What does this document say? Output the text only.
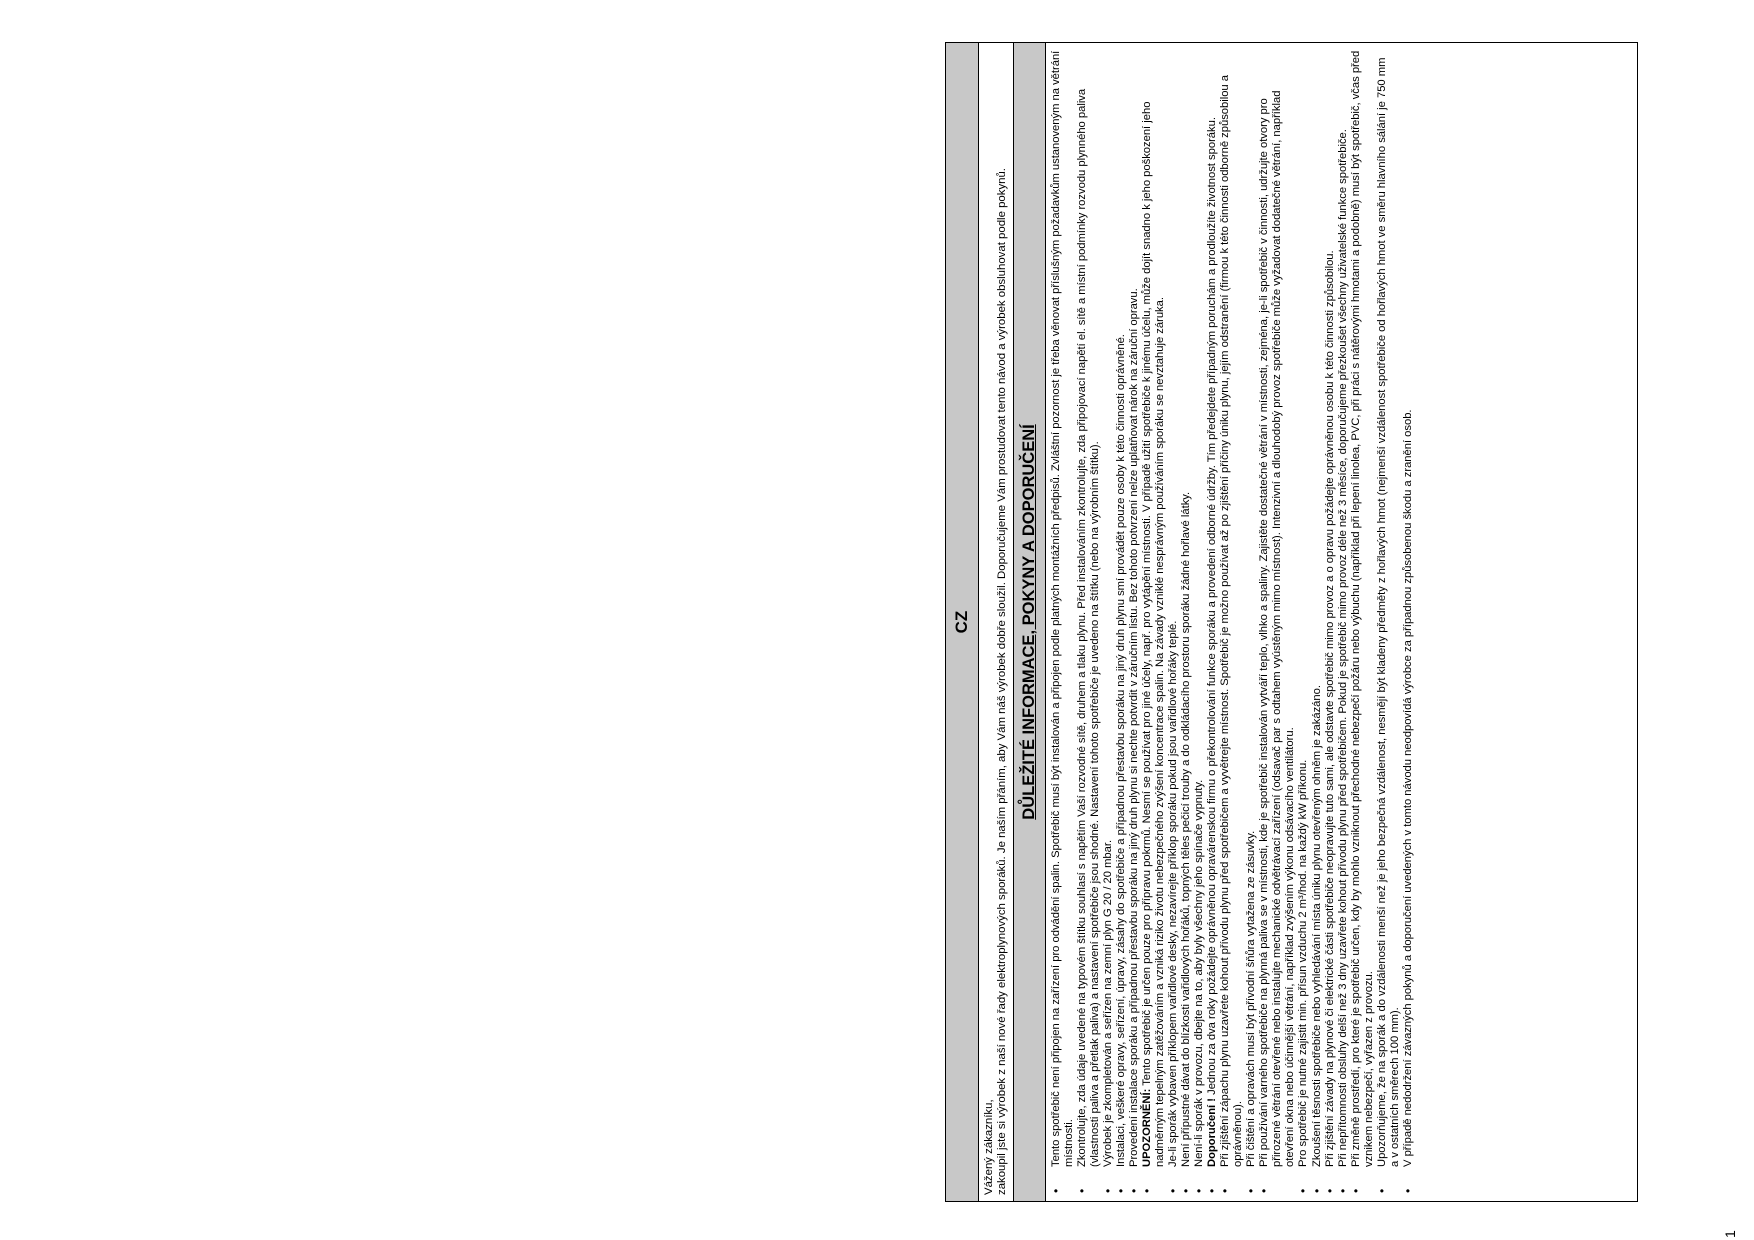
CZ
Vážený zákazníku, zakoupil jste si výrobek z naší nové řady elektroplynových sporáků. Je naším přáním, aby Vám náš výrobek dobře sloužil. Doporučujeme Vám prostudovat tento návod a výrobek obsluhovat podle pokynů. DŮLEŽITÉ INFORMACE, POKYNY A DOPORUČENÍ	• Tento spotřebič není připojen na zařízení pro odvádění spalin. Spotřebič musí být instalován a připojen podle platných montážních předpisů. Zvláštní pozornost je třeba věnovat příslušným požadavkům ustanoveným na větrání místnosti. • Zkontrolujte, zda údaje uvedené na typovém štítku souhlasí s napětím Vaší rozvodné sítě, druhem a tlaku plynu. Před instalováním zkontrolujte, zda připojovací napětí el. sítě a místní podmínky rozvodu plynného paliva (vlastnosti paliva a přetlak paliva) a nastavení spotřebiče jsou shodné. Nastavení tohoto spotřebiče je uvedeno na štítku (nebo na výrobním štítku). • Výrobek je zkompletován a seřízen na zemní plyn G 20 / 20 mbar. • Instalaci, veškeré opravy, seřízení, úpravy, zásahy do spotřebiče a případnou přestavbu sporáku na jiný druh plynu smí provádět pouze osoby k této činnosti oprávněné. • Provedení instalace sporáku a případnou přestavbu sporáku na jiný druh plynu si nechte potvrdit v záručním listu. Bez tohoto potvrzení nelze uplatňovat nárok na záruční opravu. • UPOZORNĚNÍ: Tento spotřebič je určen pouze pro přípravu pokrmů. Nesmí se používat pro jiné účely, např. pro vytápění místnosti. V případě užití spotřebiče k jinému účelu, může dojít snadno k jeho poškození jeho nadměrným tepelným zatěžováním a vzniká riziko životu nebezpečného zvýšení koncentrace spalin. Na závady vzniklé nesprávným používáním sporáku se nevztahuje záruka. • Je-li sporák vybaven příklopem vařidlové desky, nezavírejte příklop sporáku pokud jsou vařidlové hořáky teplé. • Není přípustné dávat do blízkosti vařidlových hořáků, topných těles pečicí trouby a do odkládacího prostoru sporáku žádné hořlavé látky. • Není-li sporák v provozu, dbejte na to, aby byly všechny jeho spínače vypnuty. • Doporučení ! Jednou za dva roky požádejte oprávněnou opravárenskou firmu o překontrolování funkce sporáku a provedení odborné údržby. Tím předejdete případným poruchám a prodloužíte životnost sporáku. • Při zjištění zápachu plynu uzavřete kohout přívodu plynu před spotřebičem a vyvětrejte místnost. Spotřebič je možno používat až po zjištění příčiny úniku plynu, jejím odstranění (firmou k této činnosti odborně způsobilou a oprávněnou). • Při čištění a opravách musí být přívodní šňůra vytažena ze zásuvky. • Při používání varného spotřebiče na plynná paliva se v místnosti, kde je spotřebič instalován vytváří teplo, vlhko a spaliny. Zajistěte dostatečné větrání v místnosti, zejména, je-li spotřebič v činnosti, udržujte otvory pro přirozené větrání otevřené nebo instalujte mechanické odvětrávací zařízení (odsavač par s odtahem vyústěným mimo místnost). Intenzivní a dlouhodobý provoz spotřebiče může vyžadovat dodatečné větrání, například otevření okna nebo účinnější větrání, například zvýšením výkonu odsávacího ventilátoru. • Pro spotřebič je nutné zajistit min. přísun vzduchu 2 m³/hod. na každý kW příkonu. • Zkoušení těsnosti spotřebiče nebo vyhledávání místa úniku plynu otevřeným ohněm je zakázáno. • Při zjištění závady na plynové či elektrické části spotřebiče neopravujte tuto sami, ale odstavte spotřebič mimo provoz a o opravu požádejte oprávněnou osobu k této činnosti způsobilou. • Při nepřítomnosti obsluhy delší než 3 dny uzavřete kohout přívodu plynu před spotřebičem. Pokud je spotřebič mimo provoz déle než 3 měsíce, doporučujeme přezkoušet všechny uživatelské funkce spotřebiče. • Při změně prostředí, pro které je spotřebič určen, kdy by mohlo vzniknout přechodné nebezpečí požáru nebo výbuchu (například při lepení linolea, PVC, při práci s nátěrovými hmotami a podobně) musí být spotřebič, včas před vznikem nebezpečí, vyřazen z provozu. • Upozorňujeme, že na sporák a do vzdálenosti menší než je jeho bezpečná vzdálenost, nesmějí být kladeny předměty z hořlavých hmot (nejmenší vzdálenost spotřebiče od hořlavých hmot ve směru hlavního sálání je 750 mm a v ostatních směrech 100 mm). • V případě nedodržení závazných pokynů a doporučení uvedených v tomto návodu neodpovídá výrobce za případnou způsobenou škodu a zranění osob.
1
